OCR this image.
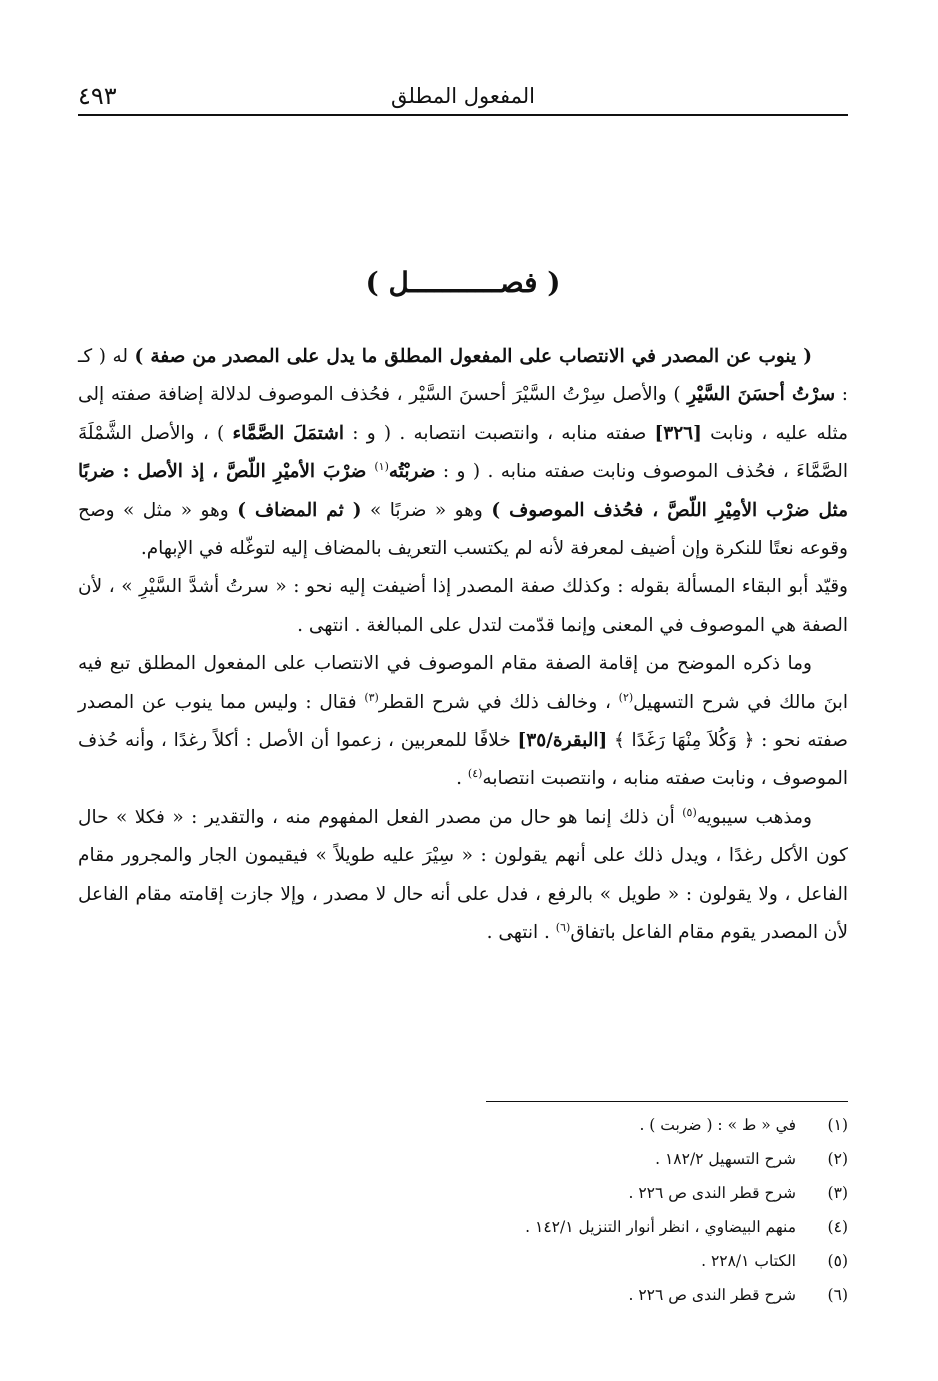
المفعول المطلق
٤٩٣
( فصـــــــــــل )

( ينوب عن المصدر في الانتصاب على المفعول المطلق ما يدل على المصدر من صفة ) له ( كـ : سرْتُ أحسَنَ السَّيْرِ ) والأصل سِرْتُ السَّيْرَ أحسنَ السَّيْر ، فحُذف الموصوف لدلالة إضافة صفته إلى مثله عليه ، ونابت [٣٢٦] صفته منابه ، وانتصبت انتصابه . ( و : اشتمَلَ الصَّمَّاء ) ، والأصل الشَّمْلَةَ الصَّمَّاءَ ، فحُذف الموصوف ونابت صفته منابه . ( و : ضربْتُه$^{(١)}$ ضرْبَ الأميْرِ اللّصَّ ، إذ الأصل : ضربًا مثل ضرْب الأمِيْرِ اللّصَّ ، فحُذف الموصوف ) وهو « ضربًا » ( ثم المضاف ) وهو « مثل » وصح وقوعه نعتًا للنكرة وإن أضيف لمعرفة لأنه لم يكتسب التعريف بالمضاف إليه لتوغّله في الإبهام.

وقيّد أبو البقاء المسألة بقوله : وكذلك صفة المصدر إذا أضيفت إليه نحو : « سرتُ أشدَّ السَّيْرِ » ، لأن الصفة هي الموصوف في المعنى وإنما قدّمت لتدل على المبالغة . انتهى .

وما ذكره الموضح من إقامة الصفة مقام الموصوف في الانتصاب على المفعول المطلق تبع فيه ابنَ مالك في شرح التسهيل$^{(٢)}$ ، وخالف ذلك في شرح القطر$^{(٣)}$ فقال : وليس مما ينوب عن المصدر صفته نحو : ﴿ وَكُلاَ مِنْهَا رَغَدًا ﴾ [البقرة/٣٥] خلافًا للمعربين ، زعموا أن الأصل : أكلاً رغدًا ، وأنه حُذف الموصوف ، ونابت صفته منابه ، وانتصبت انتصابه$^{(٤)}$ .

ومذهب سيبويه$^{(٥)}$ أن ذلك إنما هو حال من مصدر الفعل المفهوم منه ، والتقدير : « فكلا » حال كون الأكل رغدًا ، ويدل ذلك على أنهم يقولون : « سِيْرَ عليه طويلاً » فيقيمون الجار والمجرور مقام الفاعل ، ولا يقولون : « طويل » بالرفع ، فدل على أنه حال لا مصدر ، وإلا جازت إقامته مقام الفاعل لأن المصدر يقوم مقام الفاعل باتفاق$^{(٦)}$ . انتهى .

(١)
في « ط » : ( ضربت ) .
(٢)
شرح التسهيل ١٨٢/٢ .
(٣)
شرح قطر الندى ص ٢٢٦ .
(٤)
منهم البيضاوي ، انظر أنوار التنزيل ١٤٢/١ .
(٥)
الكتاب ٢٢٨/١ .
(٦)
شرح قطر الندى ص ٢٢٦ .
